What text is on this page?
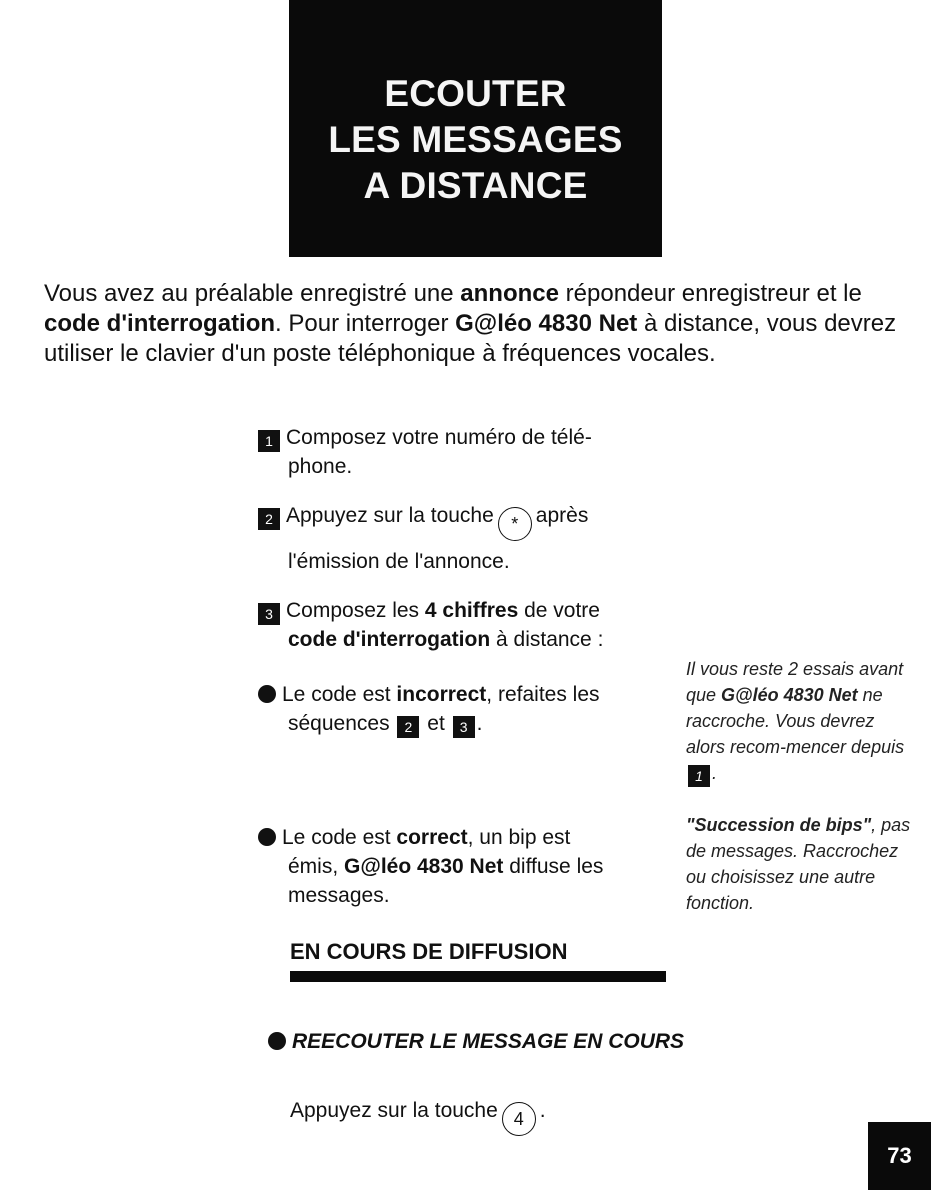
ECOUTER
LES MESSAGES
A DISTANCE
Vous avez au préalable enregistré une annonce répondeur enregistreur et le code d'interrogation. Pour interroger G@léo 4830 Net à distance, vous devrez utiliser le clavier d'un poste téléphonique à fréquences vocales.
1 Composez votre numéro de télé-
phone.
2 Appuyez sur la touche * après
l'émission de l'annonce.
3 Composez les 4 chiffres de votre
code d'interrogation à distance :
Le code est incorrect, refaites les
séquences 2 et 3 .
Le code est correct, un bip est
émis, G@léo 4830 Net diffuse les
messages.
Il vous reste 2 essais avant que G@léo 4830 Net ne raccroche. Vous devrez alors recom-mencer depuis 1 .
"Succession de bips", pas de messages. Raccrochez ou choisissez une autre fonction.
EN COURS DE DIFFUSION
REECOUTER LE MESSAGE EN COURS
Appuyez sur la touche 4 .
73
